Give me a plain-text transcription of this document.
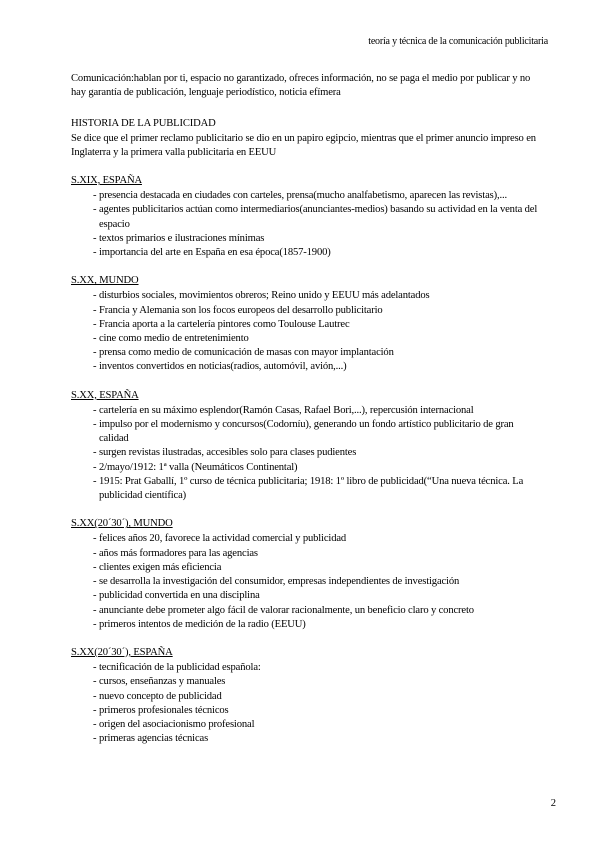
teoría y técnica de la comunicación publicitaria

Comunicación:hablan por ti, espacio no garantizado, ofreces información, no se paga el medio por publicar y no hay garantía de publicación, lenguaje periodístico, noticia efímera

HISTORIA DE LA PUBLICIDAD

Se dice que el primer reclamo publicitario se dio en un papiro egipcio, mientras que el primer anuncio impreso en Inglaterra y la primera valla publicitaria en EEUU

S.XIX, ESPAÑA

- presencia destacada en ciudades con carteles, prensa(mucho analfabetismo, aparecen las revistas),...
- agentes publicitarios actúan como intermediarios(anunciantes-medios) basando su actividad en la venta del espacio
- textos primarios e ilustraciones mínimas
- importancia del arte en España en esa época(1857-1900)

S.XX, MUNDO

- disturbios sociales, movimientos obreros; Reino unido y EEUU más adelantados
- Francia y Alemania son los focos europeos del desarrollo publicitario
- Francia aporta a la cartelería pintores como Toulouse Lautrec
- cine como medio de entretenimiento
- prensa como medio de comunicación de masas con mayor implantación
- inventos convertidos en noticias(radios, automóvil, avión,...)

S.XX, ESPAÑA

- cartelería en su máximo esplendor(Ramón Casas, Rafael Bori,...), repercusión internacional
- impulso por el modernismo y concursos(Codorníu), generando un fondo artístico publicitario de gran calidad
- surgen revistas ilustradas, accesibles solo para clases pudientes
- 2/mayo/1912: 1ª valla (Neumáticos Continental)
- 1915: Prat Gaballí, 1º curso de técnica publicitaria; 1918: 1º libro de publicidad(“Una nueva técnica. La publicidad científica)

S.XX(20´30´), MUNDO

- felices años 20, favorece la actividad comercial y publicidad
- años más formadores para las agencias
- clientes exigen más eficiencia
- se desarrolla la investigación del consumidor, empresas independientes de investigación
- publicidad convertida en una disciplina
- anunciante debe prometer algo fácil de valorar racionalmente, un beneficio claro y concreto
- primeros intentos de medición de la radio (EEUU)

S.XX(20´30´), ESPAÑA

- tecnificación de la publicidad española:
- cursos, enseñanzas y manuales
- nuevo concepto de publicidad
- primeros profesionales técnicos
- origen del asociacionismo profesional
- primeras agencias técnicas
2
